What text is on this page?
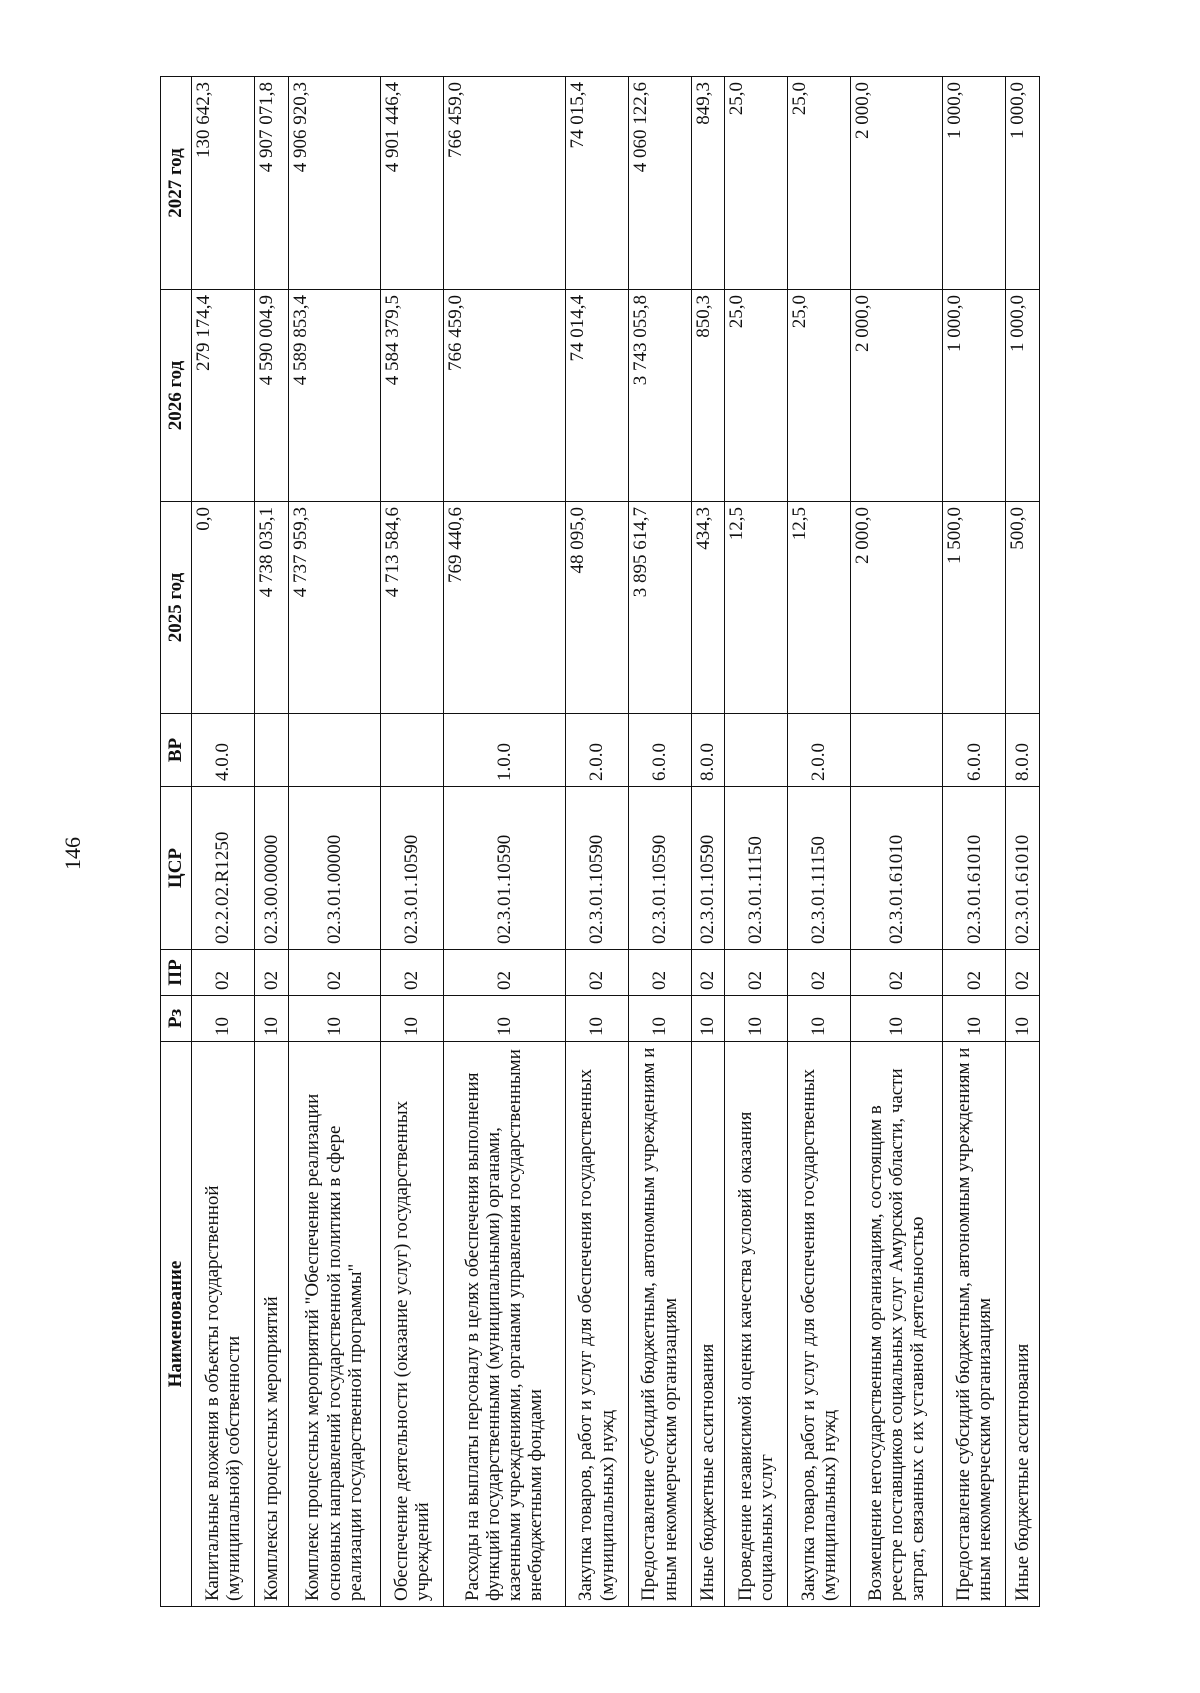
146
Наименование	Рз	ПР	ЦСР	ВР	2025 год	2026 год	2027 год
Капитальные вложения в объекты государственной (муниципальной) собственности	10	02	02.2.02.R1250	4.0.0	0,0	279 174,4	130 642,3
Комплексы процессных мероприятий	10	02	02.3.00.00000		4 738 035,1	4 590 004,9	4 907 071,8
Комплекс процессных мероприятий "Обеспечение реализации основных направлений государственной политики в сфере реализации государственной программы"	10	02	02.3.01.00000		4 737 959,3	4 589 853,4	4 906 920,3
Обеспечение деятельности (оказание услуг) государственных учреждений	10	02	02.3.01.10590		4 713 584,6	4 584 379,5	4 901 446,4
Расходы на выплаты персоналу в целях обеспечения выполнения функций государственными (муниципальными) органами, казенными учреждениями, органами управления государственными внебюджетными фондами	10	02	02.3.01.10590	1.0.0	769 440,6	766 459,0	766 459,0
Закупка товаров, работ и услуг для обеспечения государственных (муниципальных) нужд	10	02	02.3.01.10590	2.0.0	48 095,0	74 014,4	74 015,4
Предоставление субсидий бюджетным, автономным учреждениям и иным некоммерческим организациям	10	02	02.3.01.10590	6.0.0	3 895 614,7	3 743 055,8	4 060 122,6
Иные бюджетные ассигнования	10	02	02.3.01.10590	8.0.0	434,3	850,3	849,3
Проведение независимой оценки качества условий оказания социальных услуг	10	02	02.3.01.11150		12,5	25,0	25,0
Закупка товаров, работ и услуг для обеспечения государственных (муниципальных) нужд	10	02	02.3.01.11150	2.0.0	12,5	25,0	25,0
Возмещение негосударственным организациям, состоящим в реестре поставщиков социальных услуг Амурской области, части затрат, связанных с их уставной деятельностью	10	02	02.3.01.61010		2 000,0	2 000,0	2 000,0
Предоставление субсидий бюджетным, автономным учреждениям и иным некоммерческим организациям	10	02	02.3.01.61010	6.0.0	1 500,0	1 000,0	1 000,0
Иные бюджетные ассигнования	10	02	02.3.01.61010	8.0.0	500,0	1 000,0	1 000,0
